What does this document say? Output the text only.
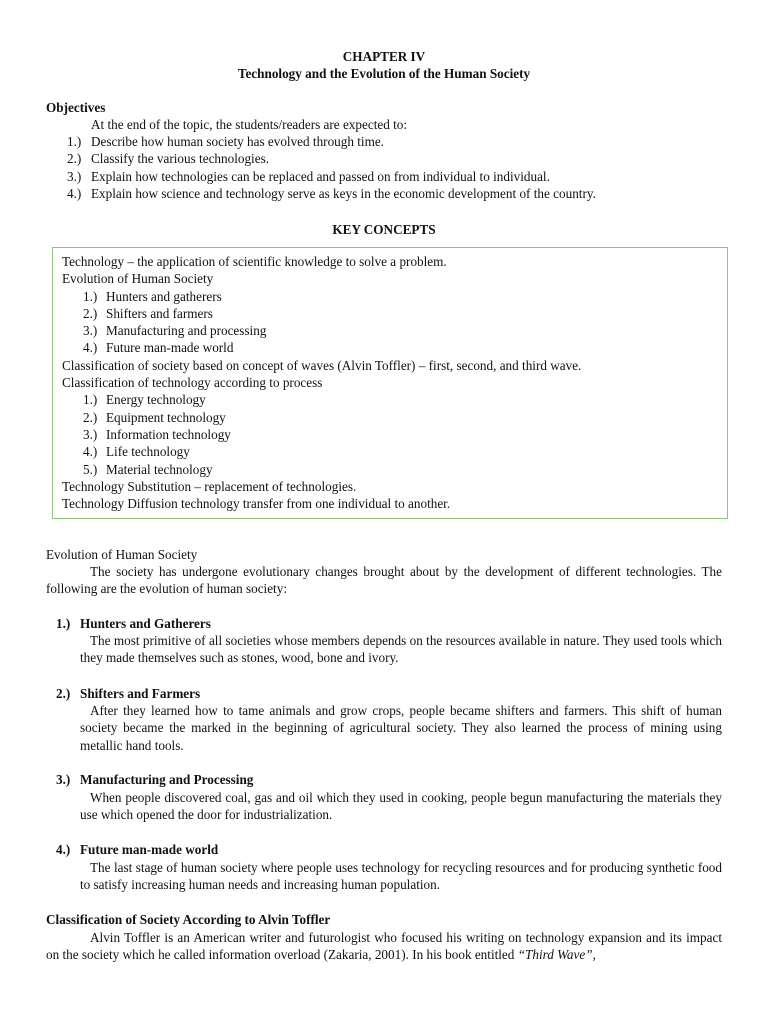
CHAPTER IV
Technology and the Evolution of the Human Society
Objectives
At the end of the topic, the students/readers are expected to:
1.) Describe how human society has evolved through time.
2.) Classify the various technologies.
3.) Explain how technologies can be replaced and passed on from individual to individual.
4.) Explain how science and technology serve as keys in the economic development of the country.
KEY CONCEPTS
Technology – the application of scientific knowledge to solve a problem.
Evolution of Human Society
1.) Hunters and gatherers
2.) Shifters and farmers
3.) Manufacturing and processing
4.) Future man-made world
Classification of society based on concept of waves (Alvin Toffler) – first, second, and third wave.
Classification of technology according to process
1.) Energy technology
2.) Equipment technology
3.) Information technology
4.) Life technology
5.) Material technology
Technology Substitution – replacement of technologies.
Technology Diffusion technology transfer from one individual to another.
Evolution of Human Society
The society has undergone evolutionary changes brought about by the development of different technologies. The following are the evolution of human society:
1.) Hunters and Gatherers
The most primitive of all societies whose members depends on the resources available in nature. They used tools which they made themselves such as stones, wood, bone and ivory.
2.) Shifters and Farmers
After they learned how to tame animals and grow crops, people became shifters and farmers. This shift of human society became the marked in the beginning of agricultural society. They also learned the process of mining using metallic hand tools.
3.) Manufacturing and Processing
When people discovered coal, gas and oil which they used in cooking, people begun manufacturing the materials they use which opened the door for industrialization.
4.) Future man-made world
The last stage of human society where people uses technology for recycling resources and for producing synthetic food to satisfy increasing human needs and increasing human population.
Classification of Society According to Alvin Toffler
Alvin Toffler is an American writer and futurologist who focused his writing on technology expansion and its impact on the society which he called information overload (Zakaria, 2001). In his book entitled “Third Wave”,
